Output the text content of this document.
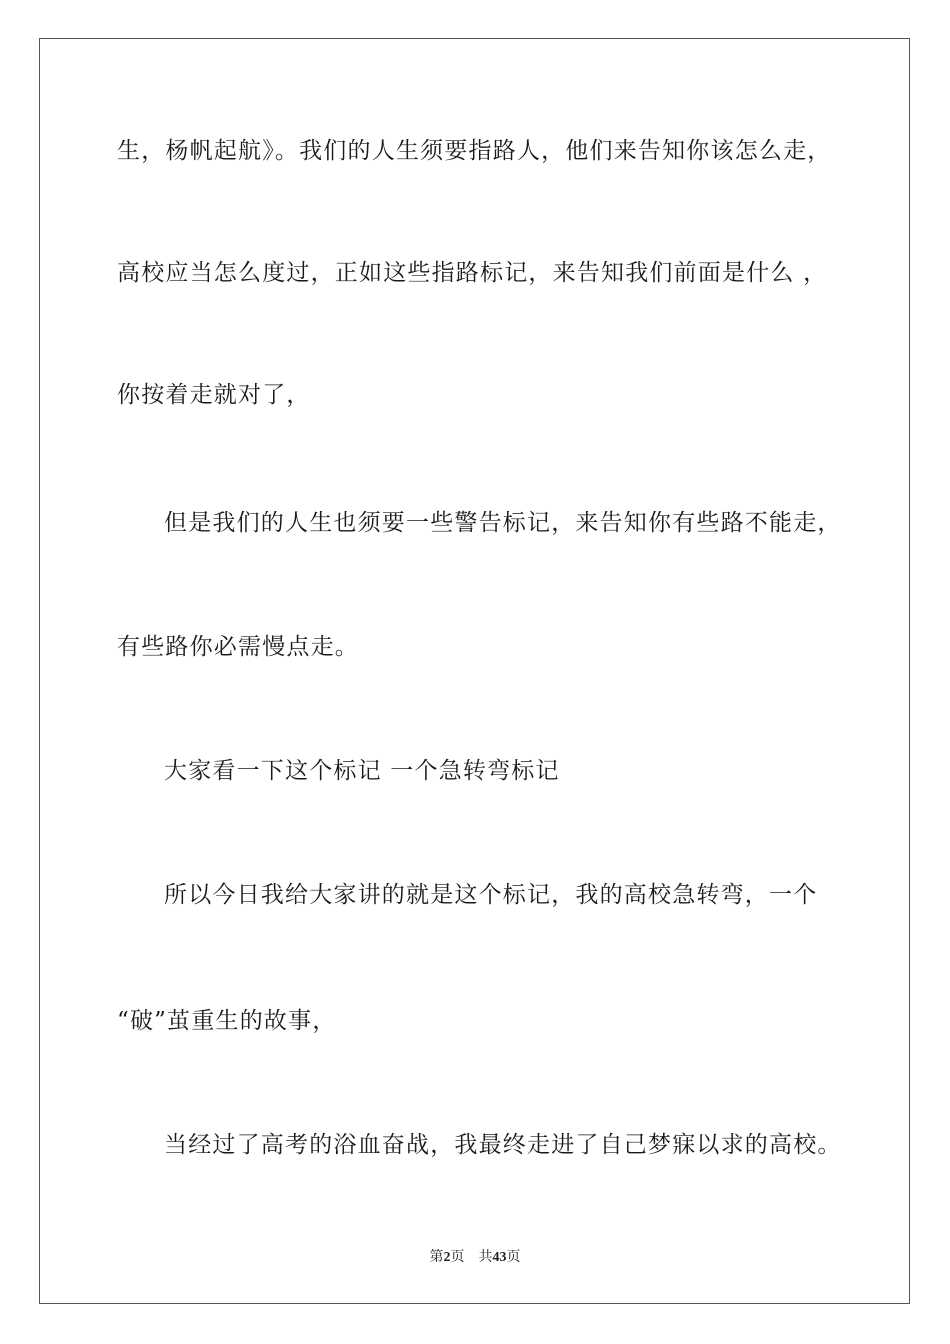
生，杨帆起航》。我们的人生须要指路人，他们来告知你该怎么走，
高校应当怎么度过，正如这些指路标记，来告知我们前面是什么 ，
你按着走就对了，
但是我们的人生也须要一些警告标记，来告知你有些路不能走，
有些路你必需慢点走。
大家看一下这个标记 一个急转弯标记
所以今日我给大家讲的就是这个标记，我的高校急转弯，一个
“破”茧重生的故事，
当经过了高考的浴血奋战，我最终走进了自己梦寐以求的高校。
第2页 共43页
